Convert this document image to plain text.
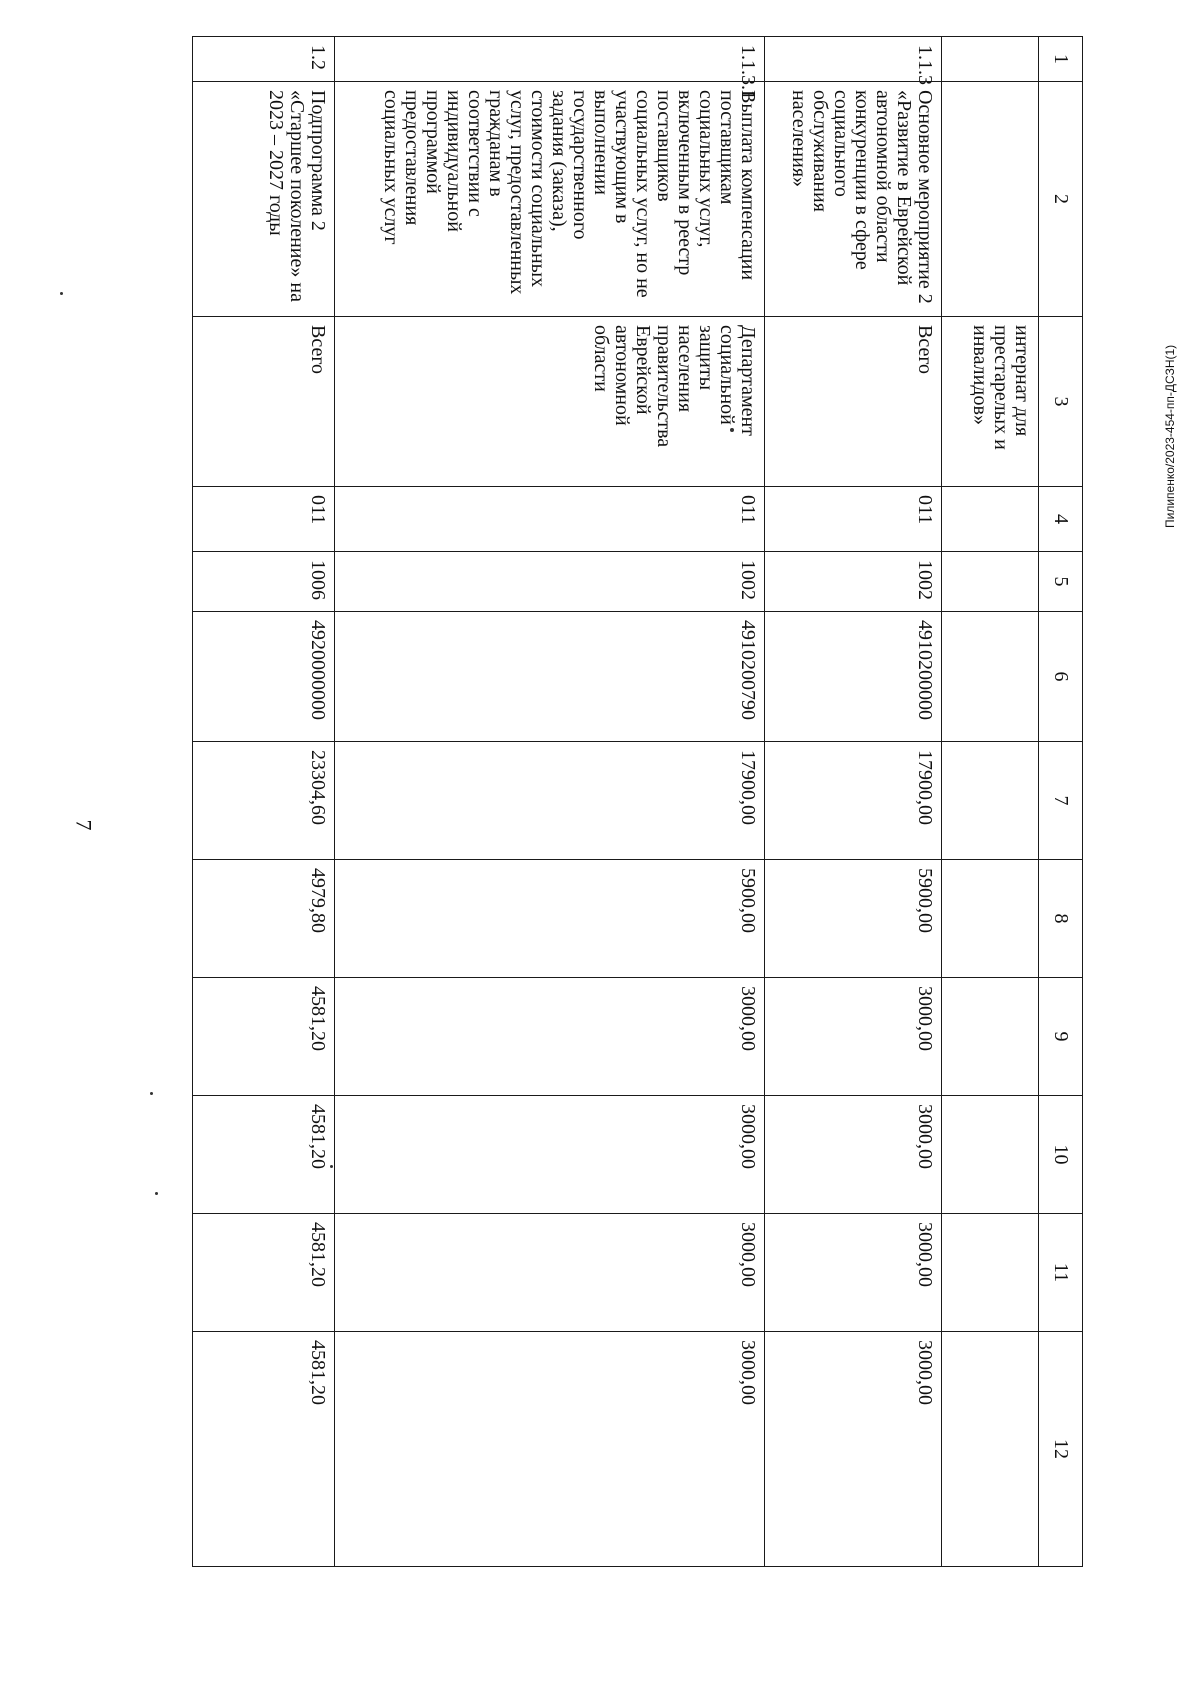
7
Пилипенко/2023-454-пп-ДСЗН(1)
1	2	3	4	5	6	7	8	9	10	11	12
		интернат для престарелых и инвалидов»									
1.1.3	Основное мероприятие 2 «Развитие в Еврейской автономной области конкуренции в сфере социального обслуживания населения»	Всего	011	1002	4910200000	17900,00	5900,00	3000,00	3000,00	3000,00	3000,00
1.1.3.1	Выплата компенсации поставщикам социальных услуг, включенным в реестр поставщиков социальных услуг, но не участвующим в выполнении государственного задания (заказа), стоимости социальных услуг, предоставленных гражданам в соответствии с индивидуальной программой предоставления социальных услуг	Департамент социальной защиты населения правительства Еврейской автономной области	011	1002	4910200790	17900,00	5900,00	3000,00	3000,00	3000,00	3000,00
1.2	Подпрограмма 2 «Старшее поколение» на 2023 – 2027 годы	Всего	011	1006	4920000000	23304,60	4979,80	4581,20	4581,20	4581,20	4581,20
